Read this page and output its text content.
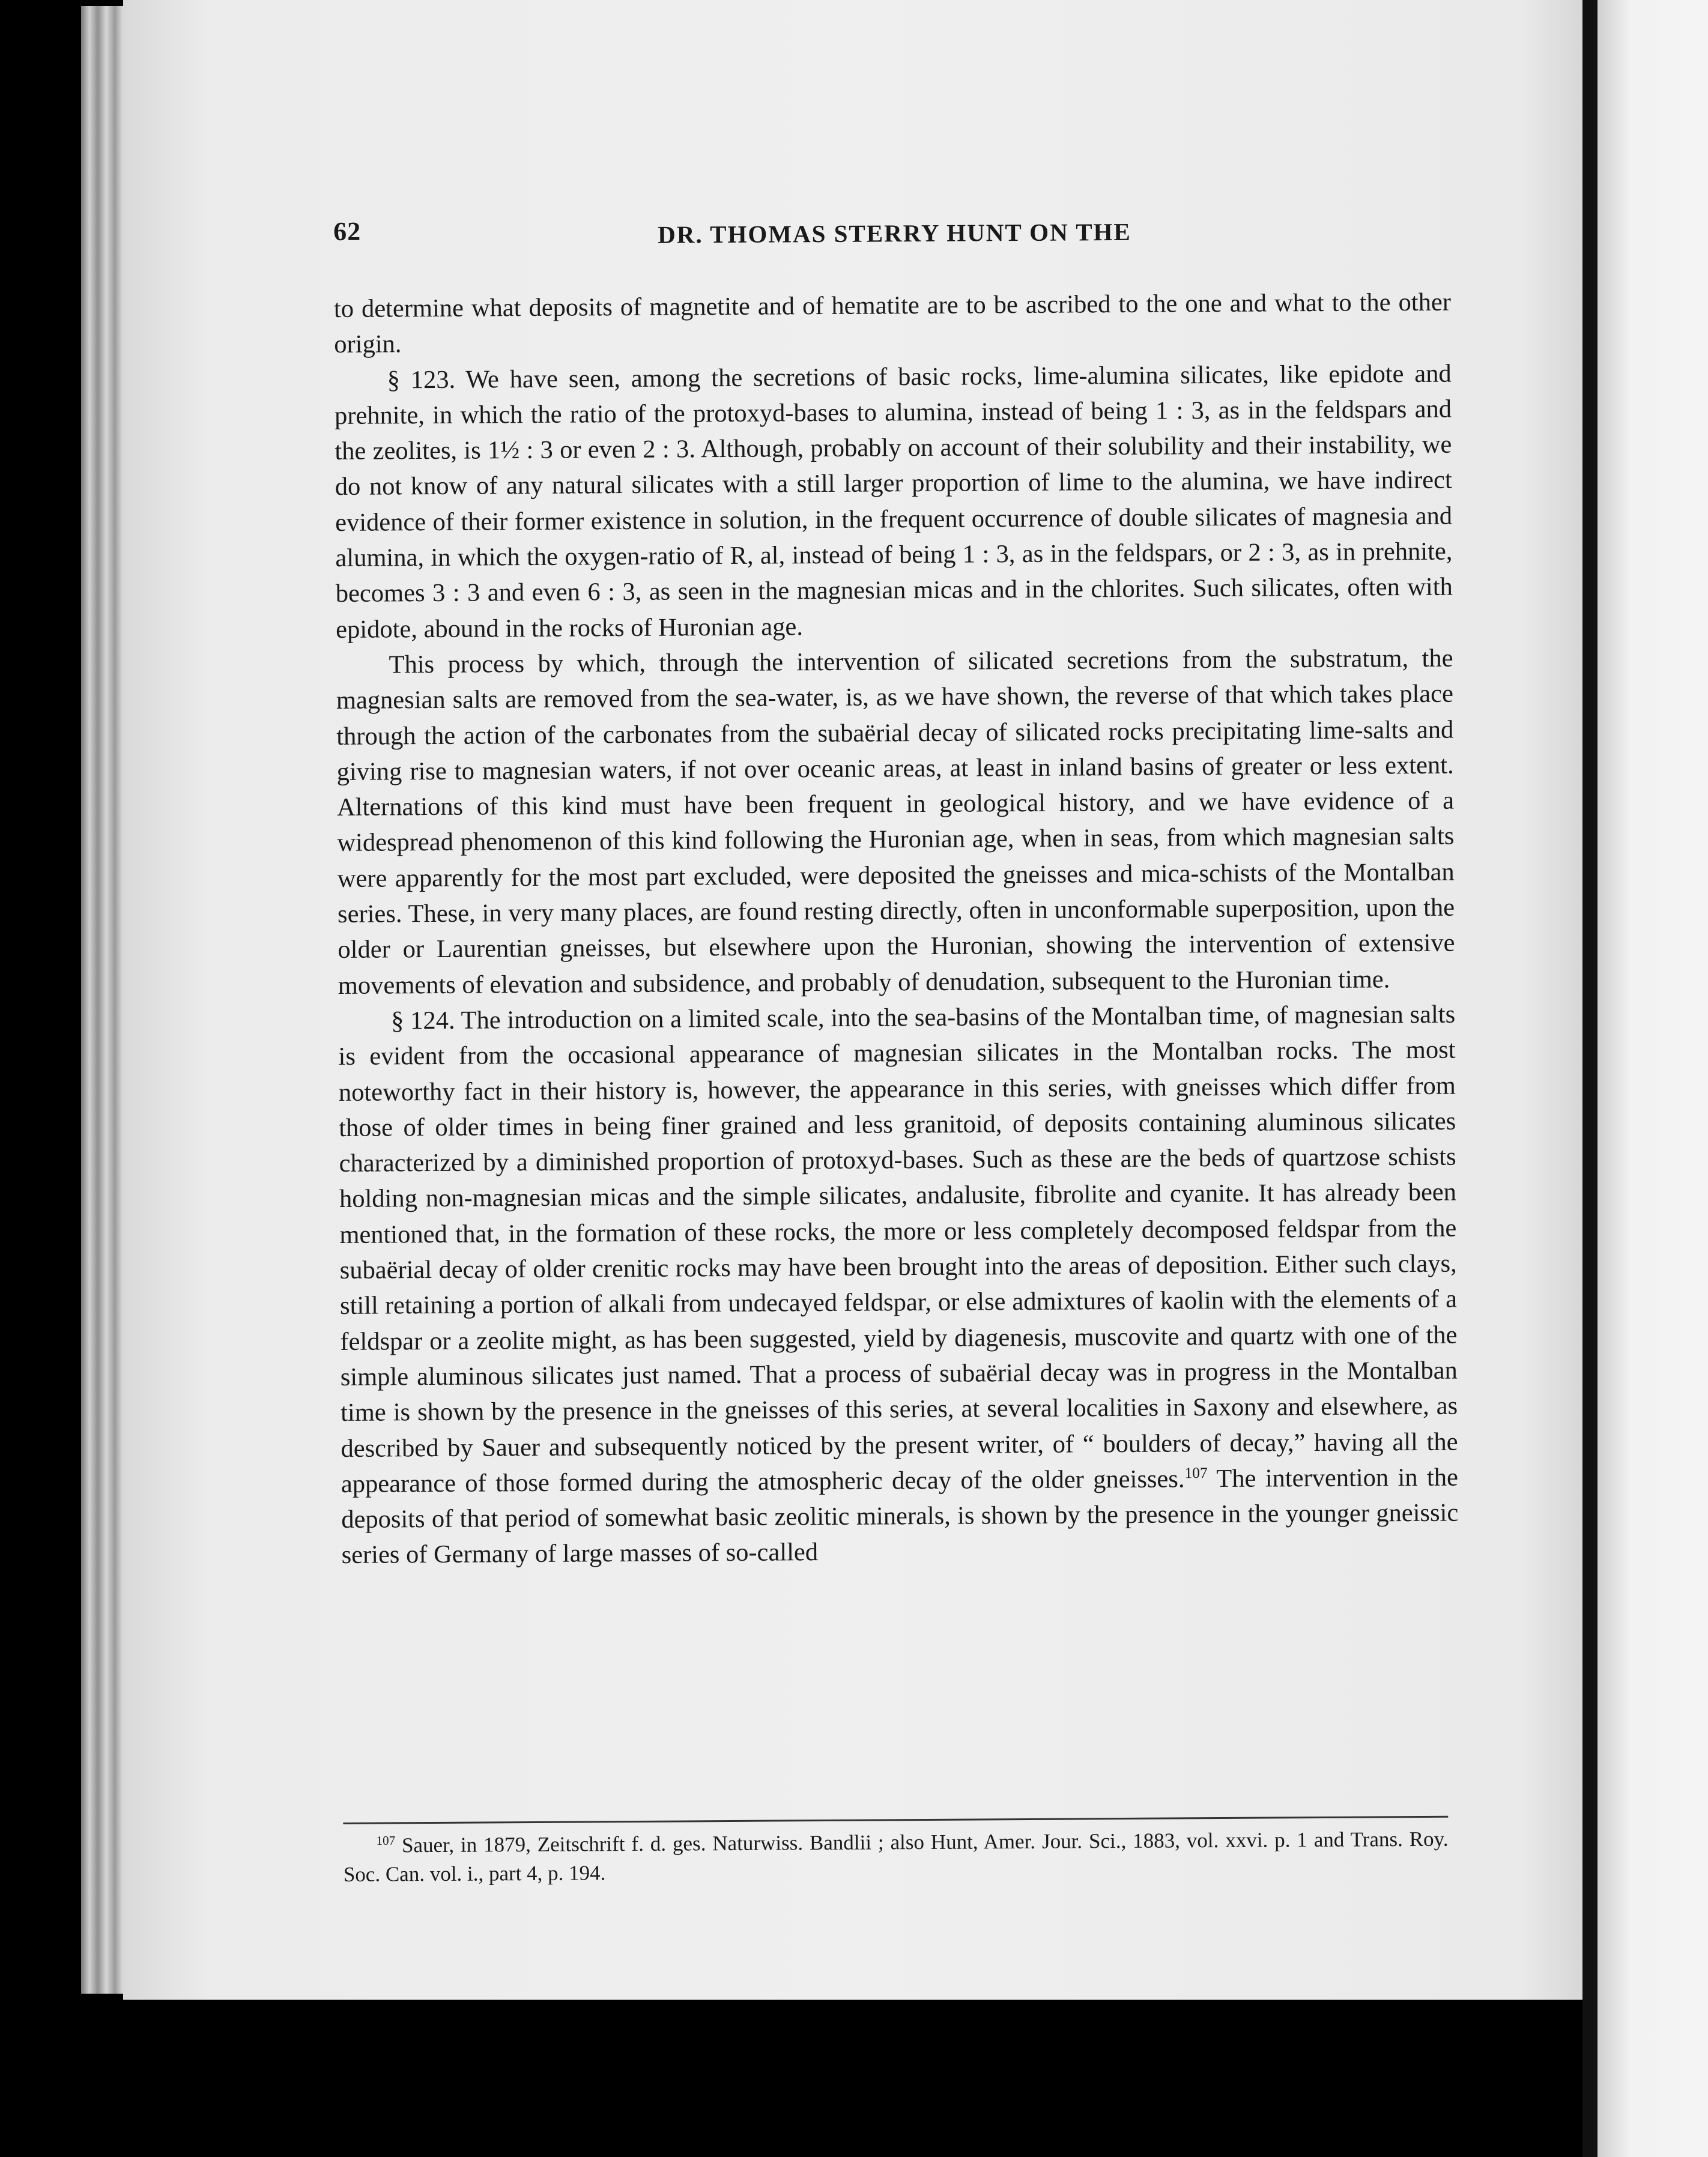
62	DR. THOMAS STERRY HUNT ON THE

to determine what deposits of magnetite and of hematite are to be ascribed to the one and what to the other origin.

§ 123. We have seen, among the secretions of basic rocks, lime-alumina silicates, like epidote and prehnite, in which the ratio of the protoxyd-bases to alumina, instead of being 1 : 3, as in the feldspars and the zeolites, is 1½ : 3 or even 2 : 3. Although, probably on account of their solubility and their instability, we do not know of any natural silicates with a still larger proportion of lime to the alumina, we have indirect evidence of their former existence in solution, in the frequent occurrence of double silicates of magnesia and alumina, in which the oxygen-ratio of R, al, instead of being 1 : 3, as in the feldspars, or 2 : 3, as in prehnite, becomes 3 : 3 and even 6 : 3, as seen in the magnesian micas and in the chlorites. Such silicates, often with epidote, abound in the rocks of Huronian age.

This process by which, through the intervention of silicated secretions from the substratum, the magnesian salts are removed from the sea-water, is, as we have shown, the reverse of that which takes place through the action of the carbonates from the subaërial decay of silicated rocks precipitating lime-salts and giving rise to magnesian waters, if not over oceanic areas, at least in inland basins of greater or less extent. Alternations of this kind must have been frequent in geological history, and we have evidence of a widespread phenomenon of this kind following the Huronian age, when in seas, from which magnesian salts were apparently for the most part excluded, were deposited the gneisses and mica-schists of the Montalban series. These, in very many places, are found resting directly, often in unconformable superposition, upon the older or Laurentian gneisses, but elsewhere upon the Huronian, showing the intervention of extensive movements of elevation and subsidence, and probably of denudation, subsequent to the Huronian time.

§ 124. The introduction on a limited scale, into the sea-basins of the Montalban time, of magnesian salts is evident from the occasional appearance of magnesian silicates in the Montalban rocks. The most noteworthy fact in their history is, however, the appearance in this series, with gneisses which differ from those of older times in being finer grained and less granitoid, of deposits containing aluminous silicates characterized by a diminished proportion of protoxyd-bases. Such as these are the beds of quartzose schists holding non-magnesian micas and the simple silicates, andalusite, fibrolite and cyanite. It has already been mentioned that, in the formation of these rocks, the more or less completely decomposed feldspar from the subaërial decay of older crenitic rocks may have been brought into the areas of deposition. Either such clays, still retaining a portion of alkali from undecayed feldspar, or else admixtures of kaolin with the elements of a feldspar or a zeolite might, as has been suggested, yield by diagenesis, muscovite and quartz with one of the simple aluminous silicates just named. That a process of subaërial decay was in progress in the Montalban time is shown by the presence in the gneisses of this series, at several localities in Saxony and elsewhere, as described by Sauer and subsequently noticed by the present writer, of “ boulders of decay,” having all the appearance of those formed during the atmospheric decay of the older gneisses.$^{107}$ The intervention in the deposits of that period of somewhat basic zeolitic minerals, is shown by the presence in the younger gneissic series of Germany of large masses of so-called

$^{107}$ Sauer, in 1879, Zeitschrift f. d. ges. Naturwiss. Bandlii ; also Hunt, Amer. Jour. Sci., 1883, vol. xxvi. p. 1 and Trans. Roy. Soc. Can. vol. i., part 4, p. 194.
